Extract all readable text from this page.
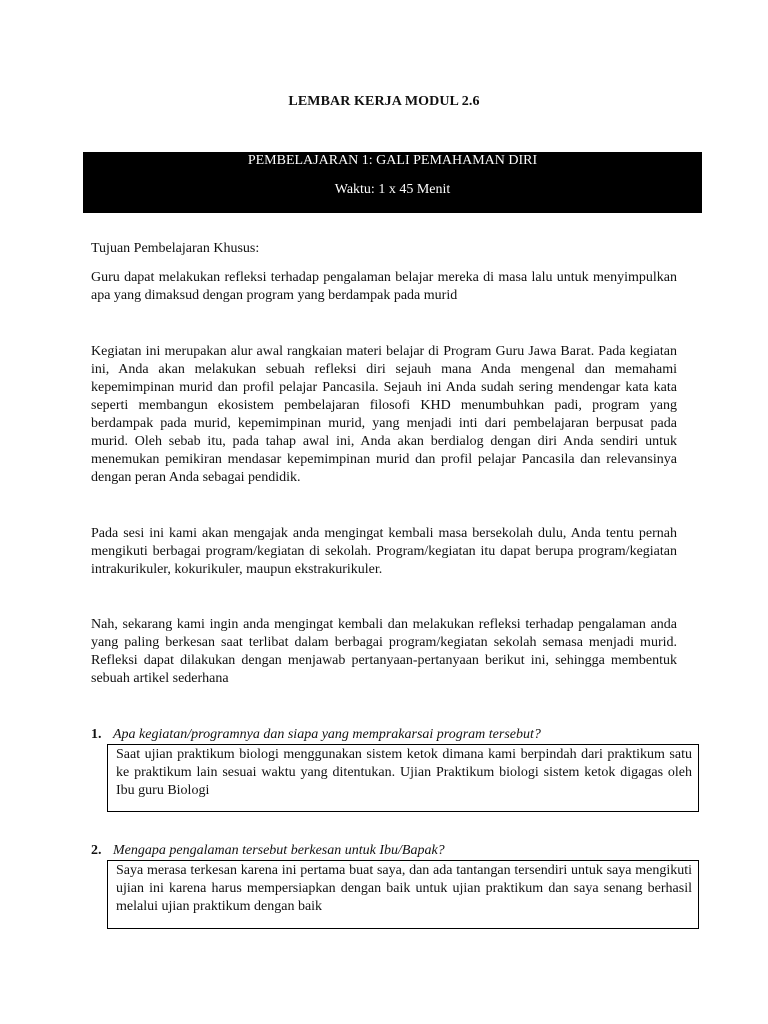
LEMBAR KERJA MODUL 2.6
PEMBELAJARAN 1: GALI PEMAHAMAN DIRI
Waktu: 1 x 45 Menit
Tujuan Pembelajaran Khusus:
Guru dapat melakukan refleksi terhadap pengalaman belajar mereka di masa lalu untuk menyimpulkan apa yang dimaksud dengan program yang berdampak pada murid
Kegiatan ini merupakan alur awal rangkaian materi belajar di Program Guru Jawa Barat. Pada kegiatan ini, Anda akan melakukan sebuah refleksi diri sejauh mana Anda mengenal dan memahami kepemimpinan murid dan profil pelajar Pancasila. Sejauh ini Anda sudah sering mendengar kata kata seperti membangun ekosistem pembelajaran filosofi KHD menumbuhkan padi, program yang berdampak pada murid, kepemimpinan murid, yang menjadi inti dari pembelajaran berpusat pada murid. Oleh sebab itu, pada tahap awal ini, Anda akan berdialog dengan diri Anda sendiri untuk menemukan pemikiran mendasar kepemimpinan murid dan profil pelajar Pancasila dan relevansinya dengan peran Anda sebagai pendidik.
Pada sesi ini kami akan mengajak anda mengingat kembali masa bersekolah dulu, Anda tentu pernah mengikuti berbagai program/kegiatan di sekolah. Program/kegiatan itu dapat berupa program/kegiatan intrakurikuler, kokurikuler, maupun ekstrakurikuler.
Nah, sekarang kami ingin anda mengingat kembali dan melakukan refleksi terhadap pengalaman anda yang paling berkesan saat terlibat dalam berbagai program/kegiatan sekolah semasa menjadi murid. Refleksi dapat dilakukan dengan menjawab pertanyaan-pertanyaan berikut ini, sehingga membentuk sebuah artikel sederhana
1. Apa kegiatan/programnya dan siapa yang memprakarsai program tersebut?
Saat ujian praktikum biologi menggunakan sistem ketok dimana kami berpindah dari praktikum satu ke praktikum lain sesuai waktu yang ditentukan. Ujian Praktikum biologi sistem ketok digagas oleh Ibu guru Biologi
2. Mengapa pengalaman tersebut berkesan untuk Ibu/Bapak?
Saya merasa terkesan karena ini pertama buat saya, dan ada tantangan tersendiri untuk saya mengikuti ujian ini karena harus mempersiapkan dengan baik untuk ujian praktikum dan saya senang berhasil melalui ujian praktikum dengan baik
